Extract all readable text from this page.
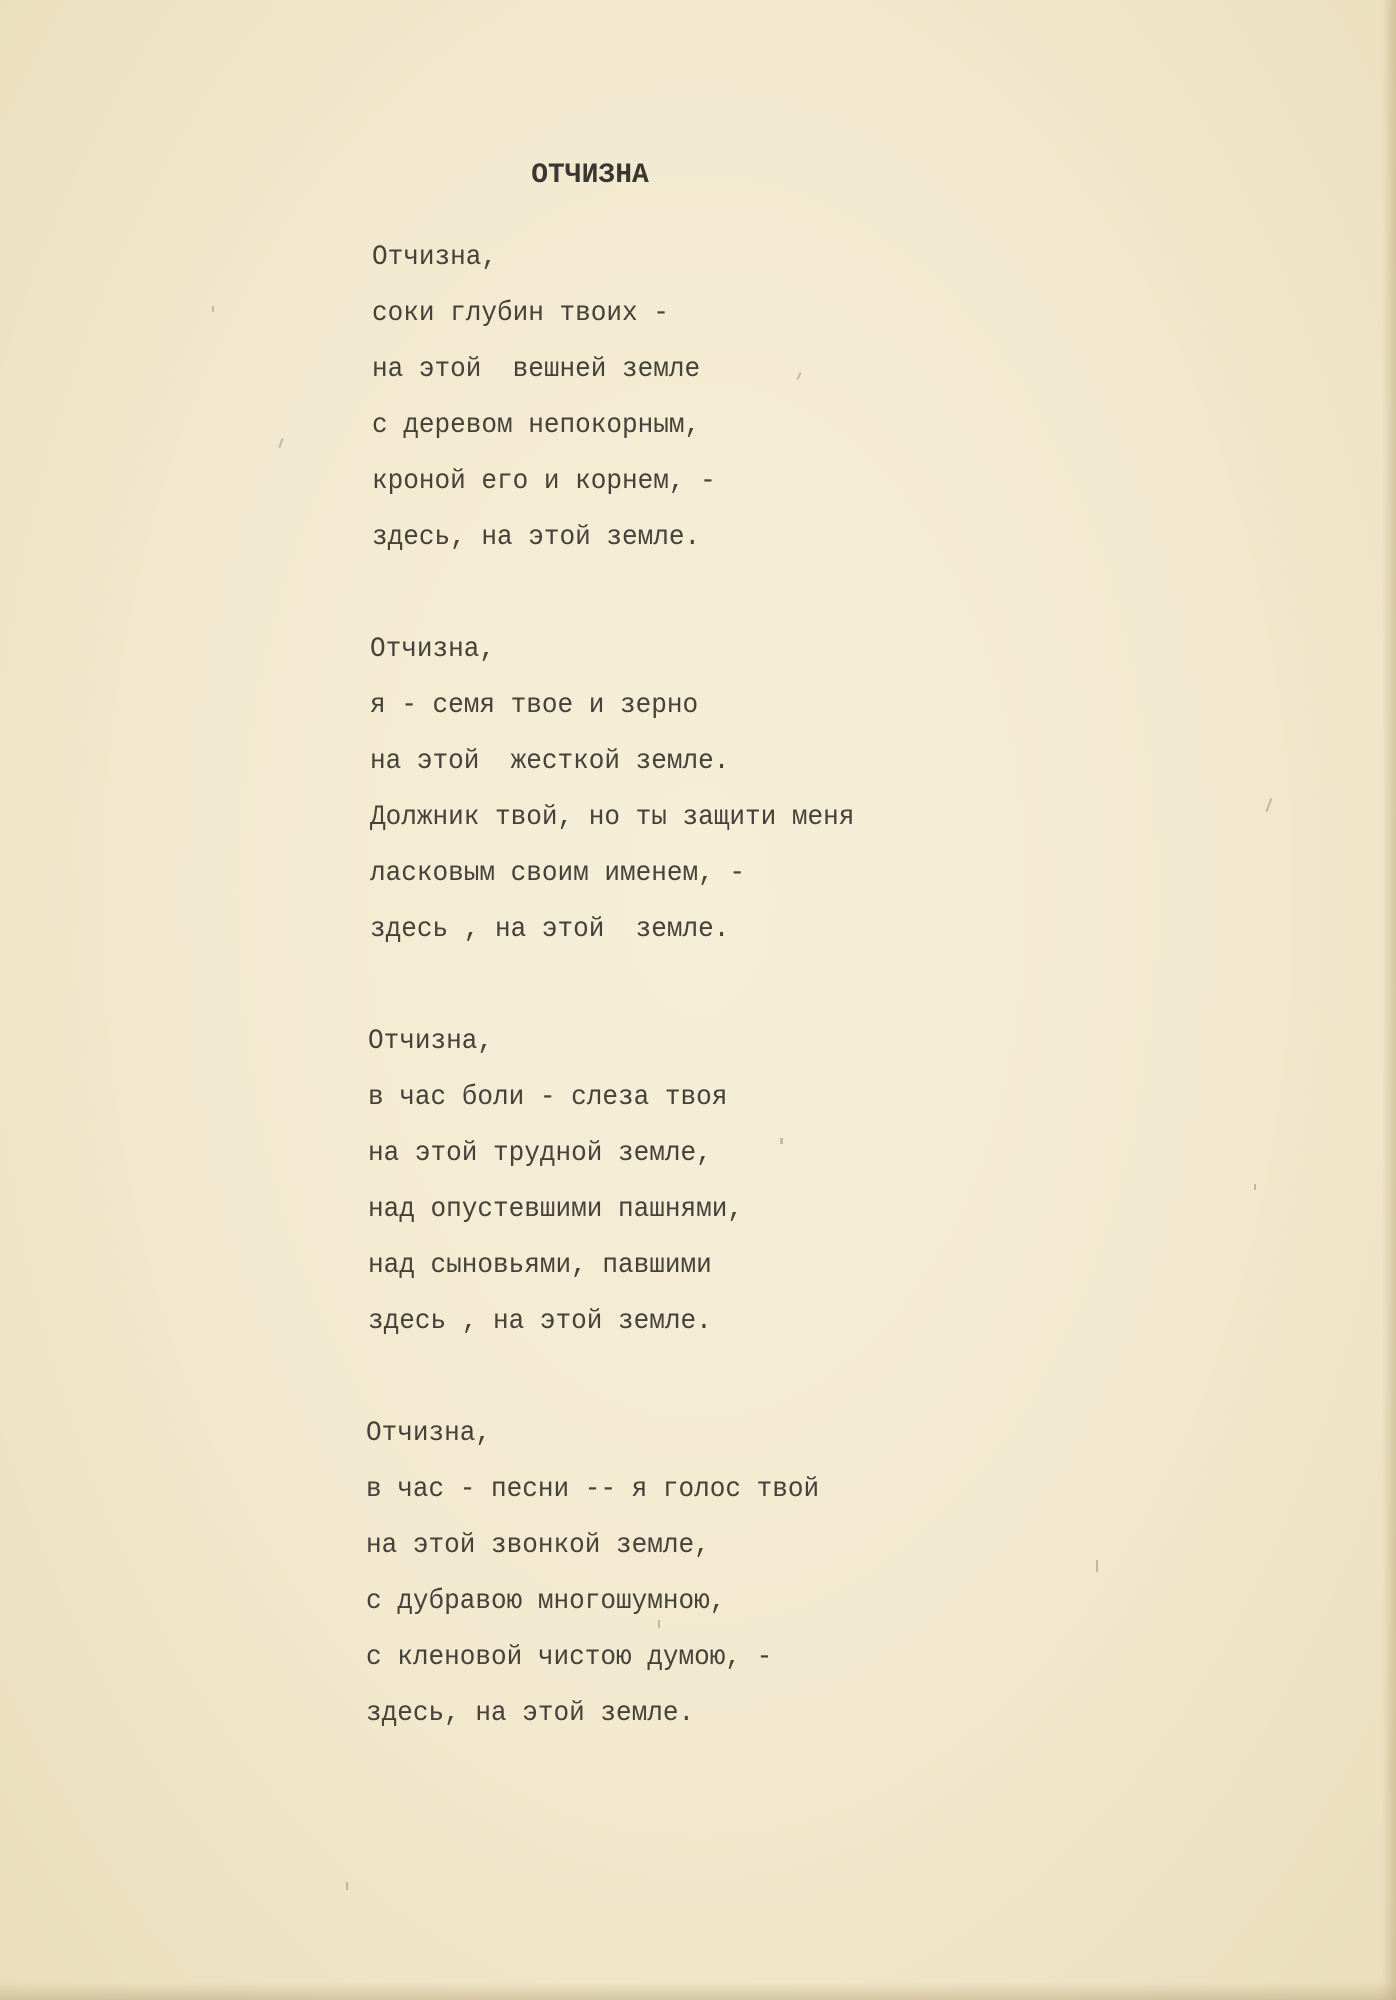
ОТЧИЗНА
Отчизна,
соки глубин твоих -
на этой  вешней земле
с деревом непокорным,
кроной его и корнем, -
здесь, на этой земле.
Отчизна,
я - семя твое и зерно
на этой  жесткой земле.
Должник твой, но ты защити меня
ласковым своим именем, -
здесь , на этой  земле.
Отчизна,
в час боли - слеза твоя
на этой трудной земле,
над опустевшими пашнями,
над сыновьями, павшими
здесь , на этой земле.
Отчизна,
в час - песни -- я голос твой
на этой звонкой земле,
с дубравою многошумною,
с кленовой чистою думою, -
здесь, на этой земле.
